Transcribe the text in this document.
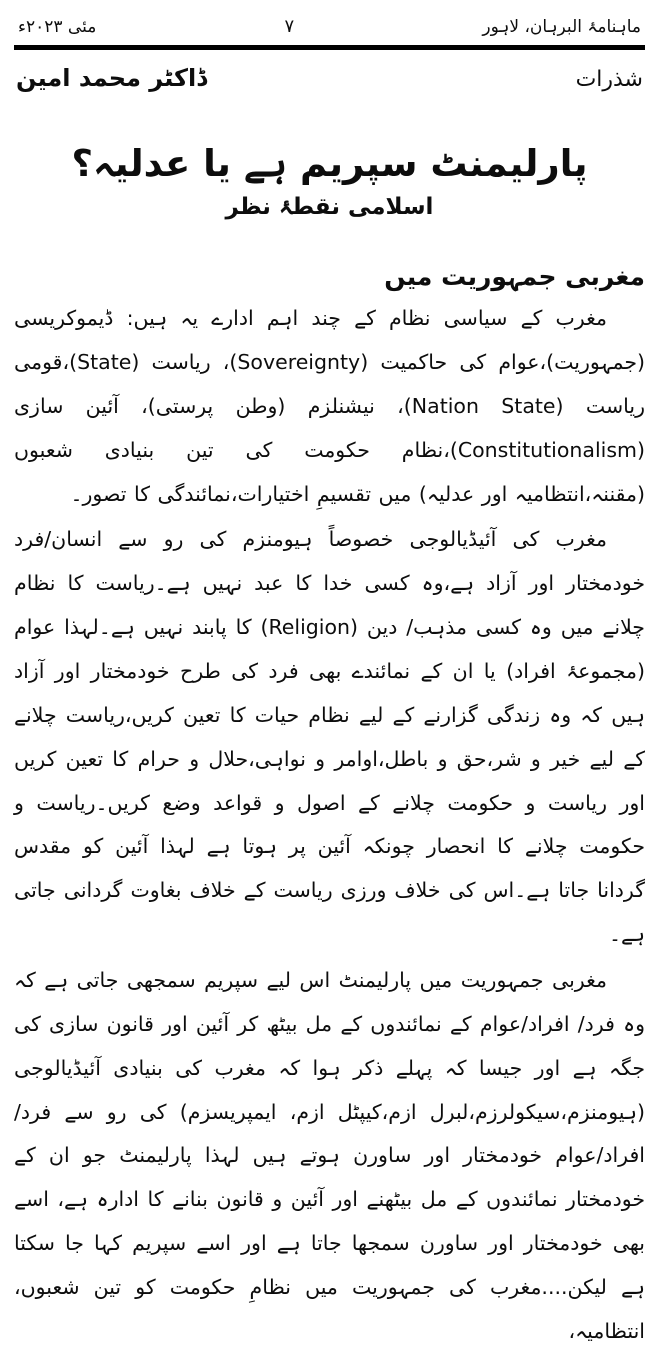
ماہنامۂ البرہان، لاہور
۷
مئی ۲۰۲۳ء
شذرات
ڈاکٹر محمد امین
پارلیمنٹ سپریم ہے یا عدلیہ؟
اسلامی نقطۂ نظر
مغربی جمہوریت میں

مغرب کے سیاسی نظام کے چند اہم ادارے یہ ہیں: ڈیموکریسی (جمہوریت)،عوام کی حاکمیت (Sovereignty)، ریاست (State)،قومی ریاست (Nation State)، نیشنلزم (وطن پرستی)، آئین سازی (Constitutionalism)،نظام حکومت کی تین بنیادی شعبوں (مقننہ،انتظامیہ اور عدلیہ) میں تقسیمِ اختیارات،نمائندگی کا تصور۔

مغرب کی آئیڈیالوجی خصوصاً ہیومنزم کی رو سے انسان/فرد خودمختار اور آزاد ہے،وہ کسی خدا کا عبد نہیں ہے۔ریاست کا نظام چلانے میں وہ کسی مذہب/ دین (Religion) کا پابند نہیں ہے۔لہذا عوام (مجموعۂ افراد) یا ان کے نمائندے بھی فرد کی طرح خودمختار اور آزاد ہیں کہ وہ زندگی گزارنے کے لیے نظام حیات کا تعین کریں،ریاست چلانے کے لیے خیر و شر،حق و باطل،اوامر و نواہی،حلال و حرام کا تعین کریں اور ریاست و حکومت چلانے کے اصول و قواعد وضع کریں۔ریاست و حکومت چلانے کا انحصار چونکہ آئین پر ہوتا ہے لہذا آئین کو مقدس گردانا جاتا ہے۔اس کی خلاف ورزی ریاست کے خلاف بغاوت گردانی جاتی ہے۔

مغربی جمہوریت میں پارلیمنٹ اس لیے سپریم سمجھی جاتی ہے کہ وہ فرد/ افراد/عوام کے نمائندوں کے مل بیٹھ کر آئین اور قانون سازی کی جگہ ہے اور جیسا کہ پہلے ذکر ہوا کہ مغرب کی بنیادی آئیڈیالوجی (ہیومنزم،سیکولرزم،لبرل ازم،کیپٹل ازم، ایمپریسزم) کی رو سے فرد/ افراد/عوام خودمختار اور ساورن ہوتے ہیں لہذا پارلیمنٹ جو ان کے خودمختار نمائندوں کے مل بیٹھنے اور آئین و قانون بنانے کا ادارہ ہے، اسے بھی خودمختار اور ساورن سمجھا جاتا ہے اور اسے سپریم کہا جا سکتا ہے لیکن....مغرب کی جمہوریت میں نظامِ حکومت کو تین شعبوں، انتظامیہ،
